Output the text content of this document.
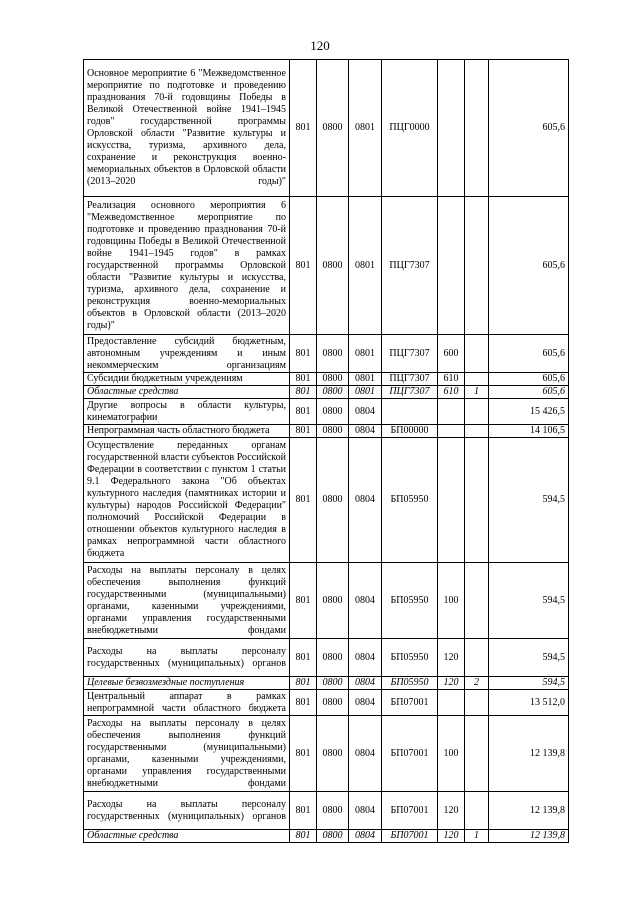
120
Основное мероприятие 6 "Межведомственное мероприятие по подготовке и проведению празднования 70-й годовщины Победы в Великой Отечественной войне 1941–1945 годов" государственной программы Орловской области "Развитие культуры и искусства, туризма, архивного дела, сохранение и реконструкция военно-мемориальных объектов в Орловской области (2013–2020 годы)"	801	0800	0801	ПЦГ0000			605,6
Реализация основного мероприятия 6 "Межведомственное мероприятие по подготовке и проведению празднования 70-й годовщины Победы в Великой Отечественной войне 1941–1945 годов" в рамках государственной программы Орловской области "Развитие культуры и искусства, туризма, архивного дела, сохранение и реконструкция военно-мемориальных объектов в Орловской области (2013–2020 годы)"	801	0800	0801	ПЦГ7307			605,6
Предоставление субсидий бюджетным, автономным учреждениям и иным некоммерческим организациям	801	0800	0801	ПЦГ7307	600		605,6
Субсидии бюджетным учреждениям	801	0800	0801	ПЦГ7307	610		605,6
Областные средства	801	0800	0801	ПЦГ7307	610	1	605,6
Другие вопросы в области культуры, кинематографии	801	0800	0804				15 426,5
Непрограммная часть областного бюджета	801	0800	0804	БП00000			14 106,5
Осуществление переданных органам государственной власти субъектов Российской Федерации в соответствии с пунктом 1 статьи 9.1 Федерального закона "Об объектах культурного наследия (памятниках истории и культуры) народов Российской Федерации" полномочий Российской Федерации в отношении объектов культурного наследия в рамках непрограммной части областного бюджета	801	0800	0804	БП05950			594,5
Расходы на выплаты персоналу в целях обеспечения выполнения функций государственными (муниципальными) органами, казенными учреждениями, органами управления государственными внебюджетными фондами	801	0800	0804	БП05950	100		594,5
Расходы на выплаты персоналу государственных (муниципальных) органов	801	0800	0804	БП05950	120		594,5
Целевые безвозмездные поступления	801	0800	0804	БП05950	120	2	594,5
Центральный аппарат в рамках непрограммной части областного бюджета	801	0800	0804	БП07001			13 512,0
Расходы на выплаты персоналу в целях обеспечения выполнения функций государственными (муниципальными) органами, казенными учреждениями, органами управления государственными внебюджетными фондами	801	0800	0804	БП07001	100		12 139,8
Расходы на выплаты персоналу государственных (муниципальных) органов	801	0800	0804	БП07001	120		12 139,8
Областные средства	801	0800	0804	БП07001	120	1	12 139,8
